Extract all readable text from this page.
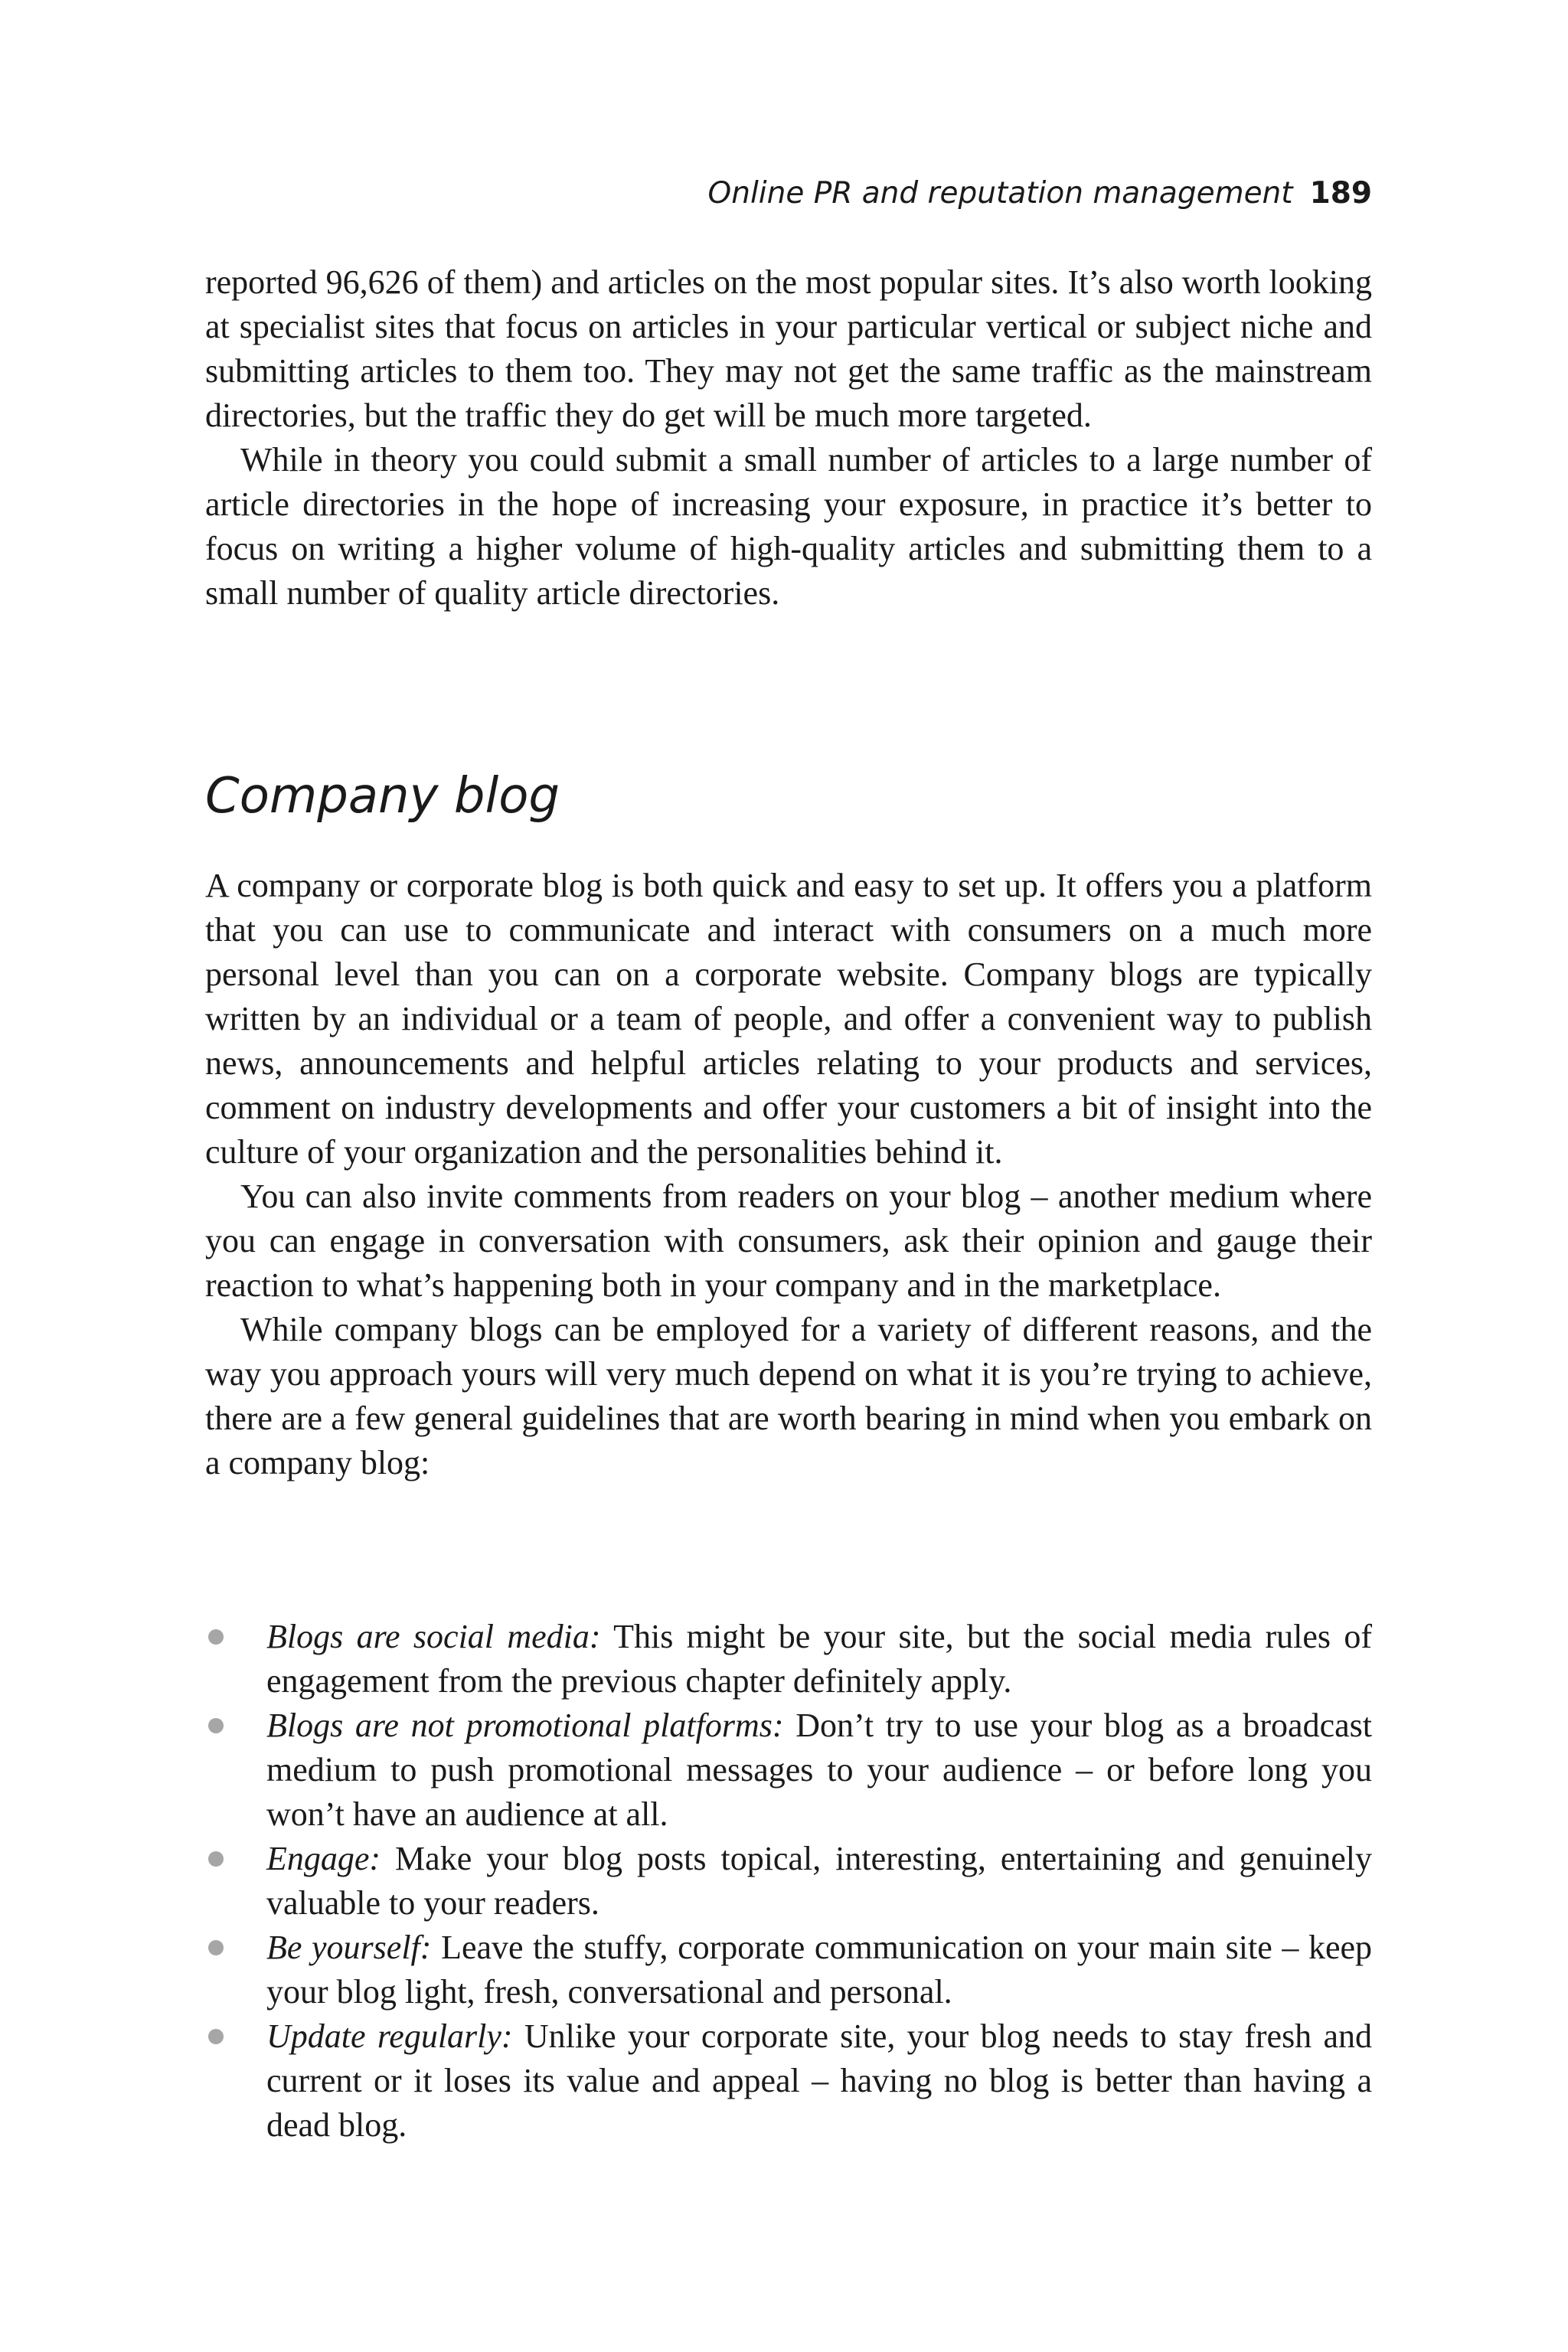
Online PR and reputation management 189

reported 96,626 of them) and articles on the most popular sites. It’s also worth looking at specialist sites that focus on articles in your particular vertical or subject niche and submitting articles to them too. They may not get the same traffic as the mainstream directories, but the traffic they do get will be much more targeted.

While in theory you could submit a small number of articles to a large number of article directories in the hope of increasing your exposure, in practice it’s better to focus on writing a higher volume of high-quality articles and submitting them to a small number of quality article directories.

Company blog

A company or corporate blog is both quick and easy to set up. It offers you a platform that you can use to communicate and interact with consumers on a much more personal level than you can on a corporate website. Company blogs are typically written by an individual or a team of people, and offer a convenient way to publish news, announcements and helpful articles relating to your products and services, comment on industry developments and offer your customers a bit of insight into the culture of your organization and the personalities behind it.

You can also invite comments from readers on your blog – another medium where you can engage in conversation with consumers, ask their opinion and gauge their reaction to what’s happening both in your company and in the marketplace.

While company blogs can be employed for a variety of different reasons, and the way you approach yours will very much depend on what it is you’re trying to achieve, there are a few general guidelines that are worth bearing in mind when you embark on a company blog:

Blogs are social media: This might be your site, but the social media rules of engagement from the previous chapter definitely apply.
Blogs are not promotional platforms: Don’t try to use your blog as a broadcast medium to push promotional messages to your audience – or before long you won’t have an audience at all.
Engage: Make your blog posts topical, interesting, entertaining and genuinely valuable to your readers.
Be yourself: Leave the stuffy, corporate communication on your main site – keep your blog light, fresh, conversational and personal.
Update regularly: Unlike your corporate site, your blog needs to stay fresh and current or it loses its value and appeal – having no blog is better than having a dead blog.
